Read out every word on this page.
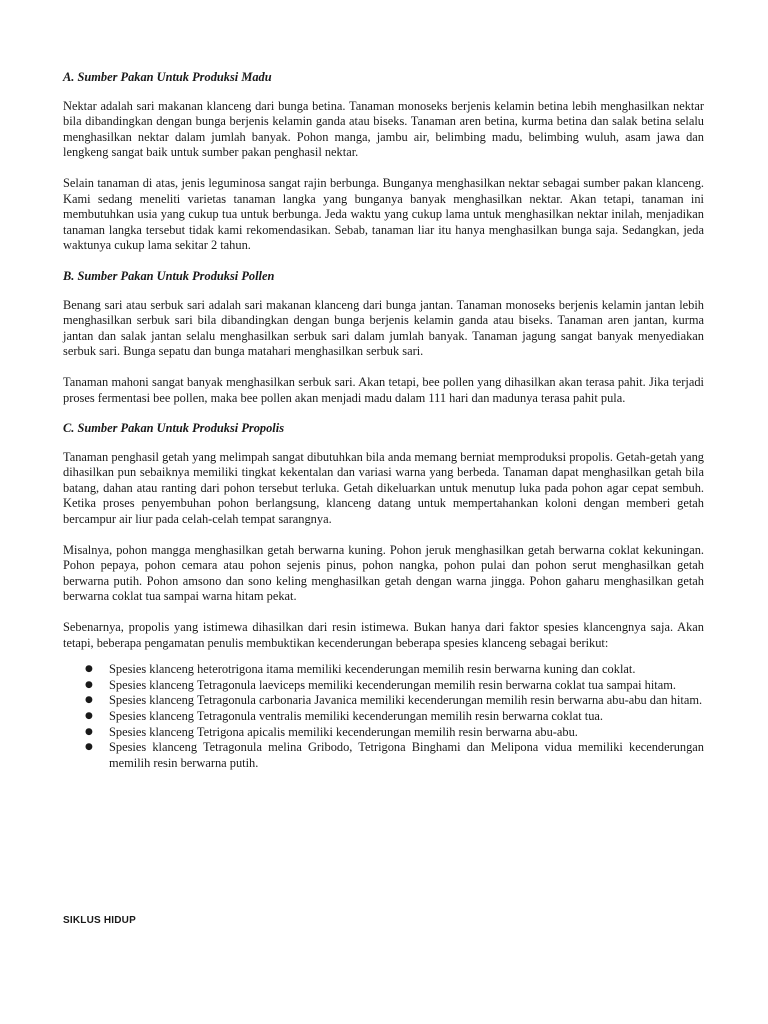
A. Sumber Pakan Untuk Produksi Madu

Nektar adalah sari makanan klanceng dari bunga betina. Tanaman monoseks berjenis kelamin betina lebih menghasilkan nektar bila dibandingkan dengan bunga berjenis kelamin ganda atau biseks. Tanaman aren betina, kurma betina dan salak betina selalu menghasilkan nektar dalam jumlah banyak. Pohon manga, jambu air, belimbing madu, belimbing wuluh, asam jawa dan lengkeng sangat baik untuk sumber pakan penghasil nektar.

Selain tanaman di atas, jenis leguminosa sangat rajin berbunga. Bunganya menghasilkan nektar sebagai sumber pakan klanceng. Kami sedang meneliti varietas tanaman langka yang bunganya banyak menghasilkan nektar. Akan tetapi, tanaman ini membutuhkan usia yang cukup tua untuk berbunga. Jeda waktu yang cukup lama untuk menghasilkan nektar inilah, menjadikan tanaman langka tersebut tidak kami rekomendasikan. Sebab, tanaman liar itu hanya menghasilkan bunga saja. Sedangkan, jeda waktunya cukup lama sekitar 2 tahun.

B. Sumber Pakan Untuk Produksi Pollen

Benang sari atau serbuk sari adalah sari makanan klanceng dari bunga jantan. Tanaman monoseks berjenis kelamin jantan lebih menghasilkan serbuk sari bila dibandingkan dengan bunga berjenis kelamin ganda atau biseks. Tanaman aren jantan, kurma jantan dan salak jantan selalu menghasilkan serbuk sari dalam jumlah banyak. Tanaman jagung sangat banyak menyediakan serbuk sari. Bunga sepatu dan bunga matahari menghasilkan serbuk sari.

Tanaman mahoni sangat banyak menghasilkan serbuk sari. Akan tetapi, bee pollen yang dihasilkan akan terasa pahit. Jika terjadi proses fermentasi bee pollen, maka bee pollen akan menjadi madu dalam 111 hari dan madunya terasa pahit pula.

C. Sumber Pakan Untuk Produksi Propolis

Tanaman penghasil getah yang melimpah sangat dibutuhkan bila anda memang berniat memproduksi propolis. Getah-getah yang dihasilkan pun sebaiknya memiliki tingkat kekentalan dan variasi warna yang berbeda. Tanaman dapat menghasilkan getah bila batang, dahan atau ranting dari pohon tersebut terluka. Getah dikeluarkan untuk menutup luka pada pohon agar cepat sembuh. Ketika proses penyembuhan pohon berlangsung, klanceng datang untuk mempertahankan koloni dengan memberi getah bercampur air liur pada celah-celah tempat sarangnya.

Misalnya, pohon mangga menghasilkan getah berwarna kuning. Pohon jeruk menghasilkan getah berwarna coklat kekuningan. Pohon pepaya, pohon cemara atau pohon sejenis pinus, pohon nangka, pohon pulai dan pohon serut menghasilkan getah berwarna putih. Pohon amsono dan sono keling menghasilkan getah dengan warna jingga. Pohon gaharu menghasilkan getah berwarna coklat tua sampai warna hitam pekat.

Sebenarnya, propolis yang istimewa dihasilkan dari resin istimewa. Bukan hanya dari faktor spesies klancengnya saja. Akan tetapi, beberapa pengamatan penulis membuktikan kecenderungan beberapa spesies klanceng sebagai berikut:

● Spesies klanceng heterotrigona itama memiliki kecenderungan memilih resin berwarna kuning dan coklat.
● Spesies klanceng Tetragonula laeviceps memiliki kecenderungan memilih resin berwarna coklat tua sampai hitam.
● Spesies klanceng Tetragonula carbonaria Javanica memiliki kecenderungan memilih resin berwarna abu-abu dan hitam.
● Spesies klanceng Tetragonula ventralis memiliki kecenderungan memilih resin berwarna coklat tua.
● Spesies klanceng Tetrigona apicalis memiliki kecenderungan memilih resin berwarna abu-abu.
● Spesies klanceng Tetragonula melina Gribodo, Tetrigona Binghami dan Melipona vidua memiliki kecenderungan memilih resin berwarna putih.
SIKLUS HIDUP
